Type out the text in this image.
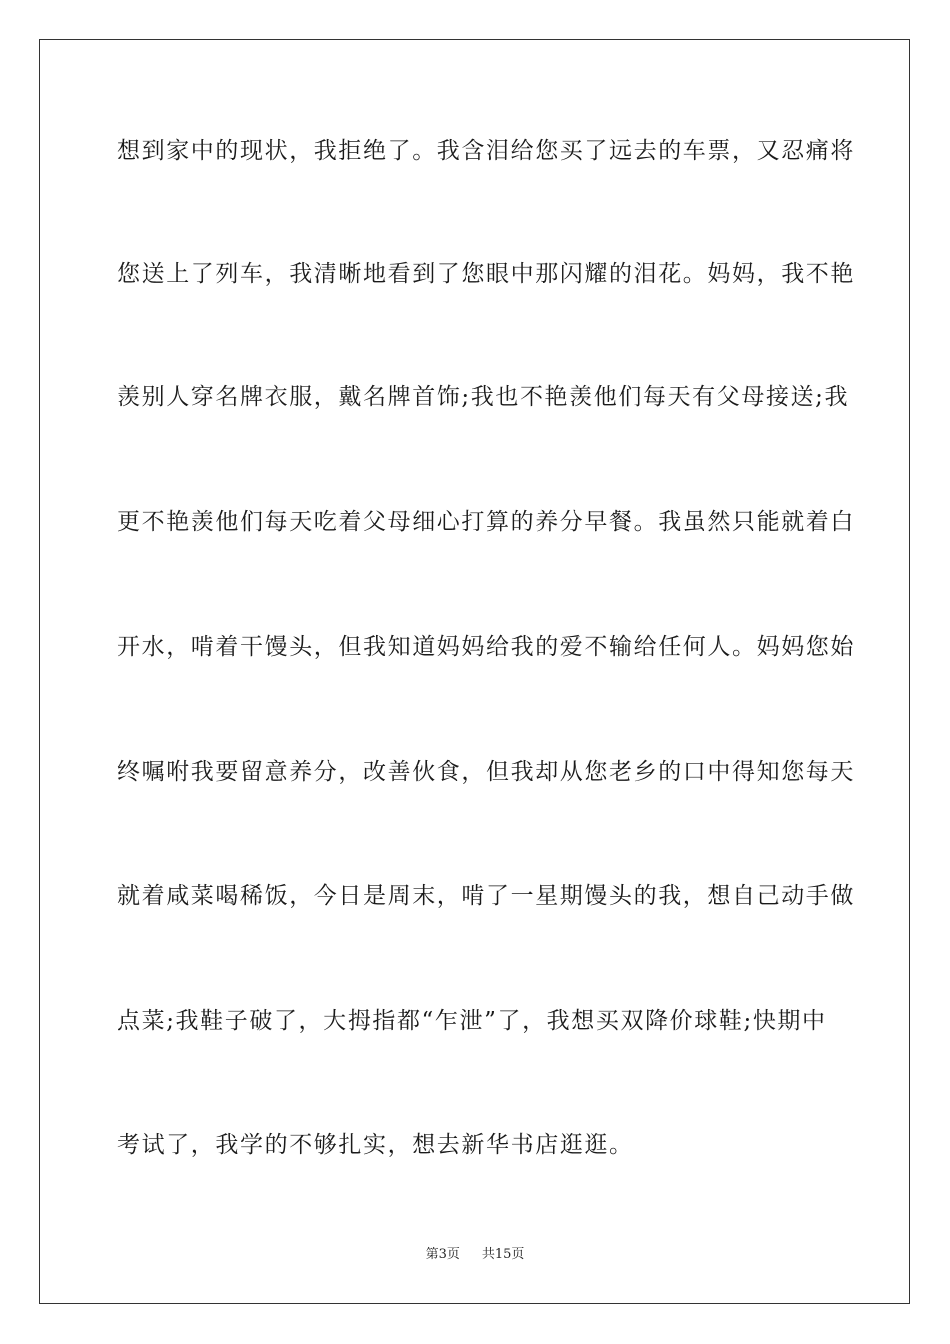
想到家中的现状，我拒绝了。我含泪给您买了远去的车票，又忍痛将
您送上了列车，我清晰地看到了您眼中那闪耀的泪花。妈妈，我不艳
羡别人穿名牌衣服，戴名牌首饰;我也不艳羡他们每天有父母接送;我
更不艳羡他们每天吃着父母细心打算的养分早餐。我虽然只能就着白
开水，啃着干馒头，但我知道妈妈给我的爱不输给任何人。妈妈您始
终嘱咐我要留意养分，改善伙食，但我却从您老乡的口中得知您每天
就着咸菜喝稀饭，今日是周末，啃了一星期馒头的我，想自己动手做
点菜;我鞋子破了，大拇指都“乍泄”了，我想买双降价球鞋;快期中
考试了，我学的不够扎实，想去新华书店逛逛。
第3页 共15页
